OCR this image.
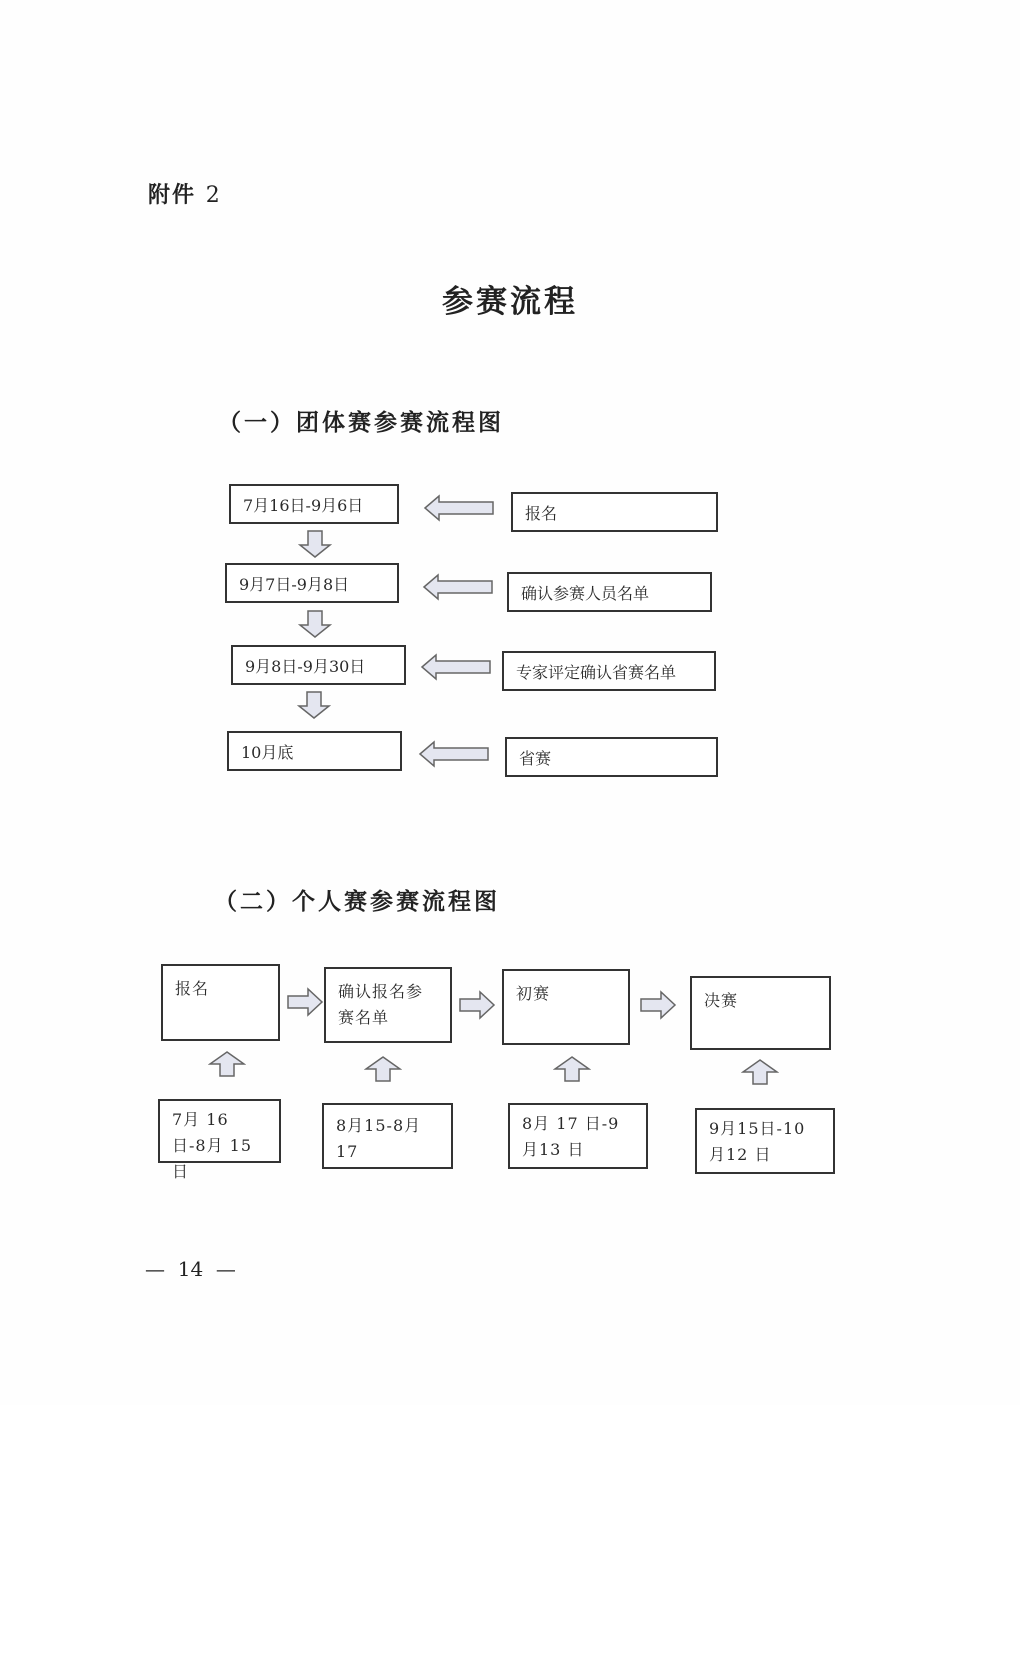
附件 2
参赛流程
（一）团体赛参赛流程图
7月16日-9月6日
9月7日-9月8日
9月8日-9月30日
10月底
报名
确认参赛人员名单
专家评定确认省赛名单
省赛
（二）个人赛参赛流程图
报名	确认报名参赛名单
初赛	决赛
7月 16 日-8月 15 日
8月15-8月17
8月 17 日-9 月13 日
9月15日-10月12 日
—  14  —
